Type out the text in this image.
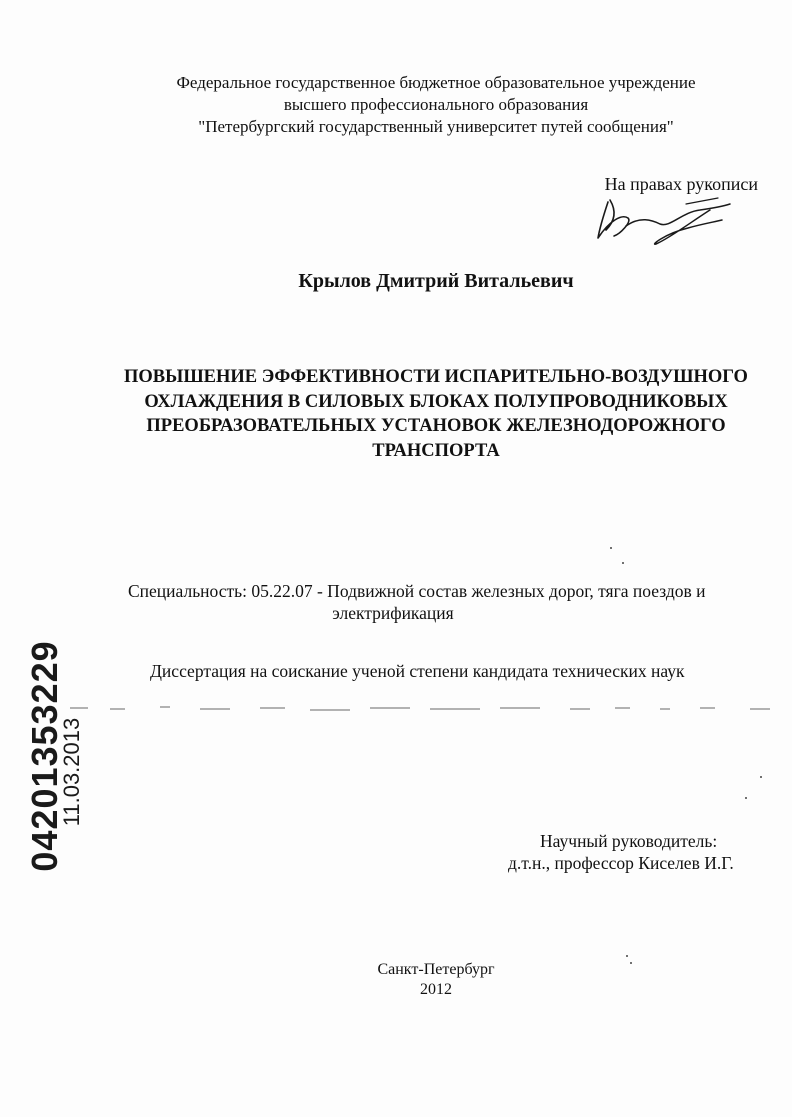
Федеральное государственное бюджетное образовательное учреждение
высшего профессионального образования
"Петербургский государственный университет путей сообщения"
На правах рукописи
Крылов Дмитрий Витальевич
ПОВЫШЕНИЕ ЭФФЕКТИВНОСТИ ИСПАРИТЕЛЬНО-ВОЗДУШНОГО
ОХЛАЖДЕНИЯ В СИЛОВЫХ БЛОКАХ ПОЛУПРОВОДНИКОВЫХ
ПРЕОБРАЗОВАТЕЛЬНЫХ УСТАНОВОК ЖЕЛЕЗНОДОРОЖНОГО
ТРАНСПОРТА
Специальность: 05.22.07 - Подвижной состав железных дорог, тяга поездов и
электрификация
Диссертация на соискание ученой степени кандидата технических наук
04201353229
11.03.2013
Научный руководитель:
д.т.н., профессор Киселев И.Г.
Санкт-Петербург
2012
